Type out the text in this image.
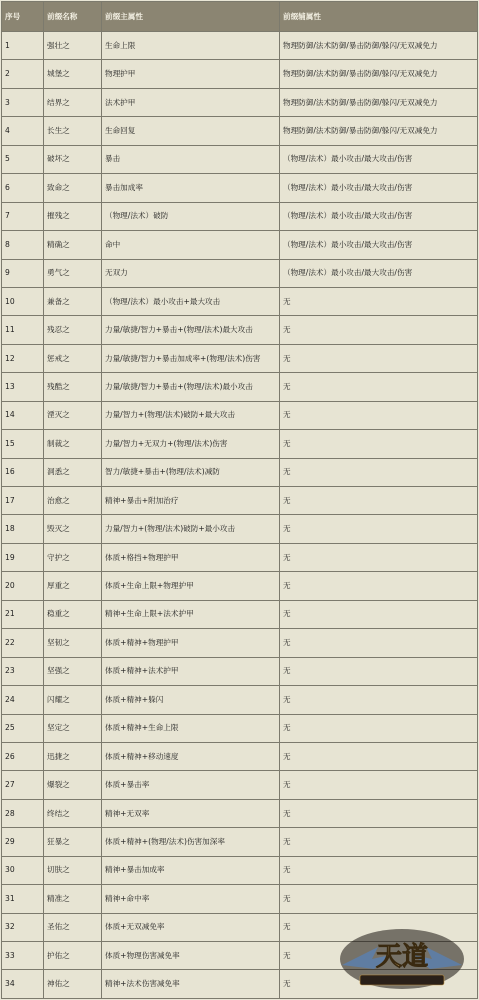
序号	前缀名称	前缀主属性	前缀辅属性
1	强壮之	生命上限	物理防御/法术防御/暴击防御/躲闪/无双减免力
2	城堡之	物理护甲	物理防御/法术防御/暴击防御/躲闪/无双减免力
3	结界之	法术护甲	物理防御/法术防御/暴击防御/躲闪/无双减免力
4	长生之	生命回复	物理防御/法术防御/暴击防御/躲闪/无双减免力
5	破坏之	暴击	（物理/法术）最小攻击/最大攻击/伤害
6	致命之	暴击加成率	（物理/法术）最小攻击/最大攻击/伤害
7	摧残之	（物理/法术）破防	（物理/法术）最小攻击/最大攻击/伤害
8	精确之	命中	（物理/法术）最小攻击/最大攻击/伤害
9	勇气之	无双力	（物理/法术）最小攻击/最大攻击/伤害
10	兼备之	（物理/法术）最小攻击+最大攻击	无
11	残忍之	力量/敏捷/智力+暴击+(物理/法术)最大攻击	无
12	惩戒之	力量/敏捷/智力+暴击加成率+(物理/法术)伤害	无
13	残酷之	力量/敏捷/智力+暴击+(物理/法术)最小攻击	无
14	湮灭之	力量/智力+(物理/法术)破防+最大攻击	无
15	制裁之	力量/智力+无双力+(物理/法术)伤害	无
16	洞悉之	智力/敏捷+暴击+(物理/法术)减防	无
17	治愈之	精神+暴击+附加治疗	无
18	毁灭之	力量/智力+(物理/法术)破防+最小攻击	无
19	守护之	体质+格挡+物理护甲	无
20	厚重之	体质+生命上限+物理护甲	无
21	稳重之	精神+生命上限+法术护甲	无
22	坚韧之	体质+精神+物理护甲	无
23	坚强之	体质+精神+法术护甲	无
24	闪耀之	体质+精神+躲闪	无
25	坚定之	体质+精神+生命上限	无
26	迅捷之	体质+精神+移动速度	无
27	爆裂之	体质+暴击率	无
28	终结之	精神+无双率	无
29	狂暴之	体质+精神+(物理/法术)伤害加深率	无
30	切肤之	精神+暴击加成率	无
31	精准之	精神+命中率	无
32	圣佑之	体质+无双减免率	无
33	护佑之	体质+物理伤害减免率	无
34	神佑之	精神+法术伤害减免率	无
天道
